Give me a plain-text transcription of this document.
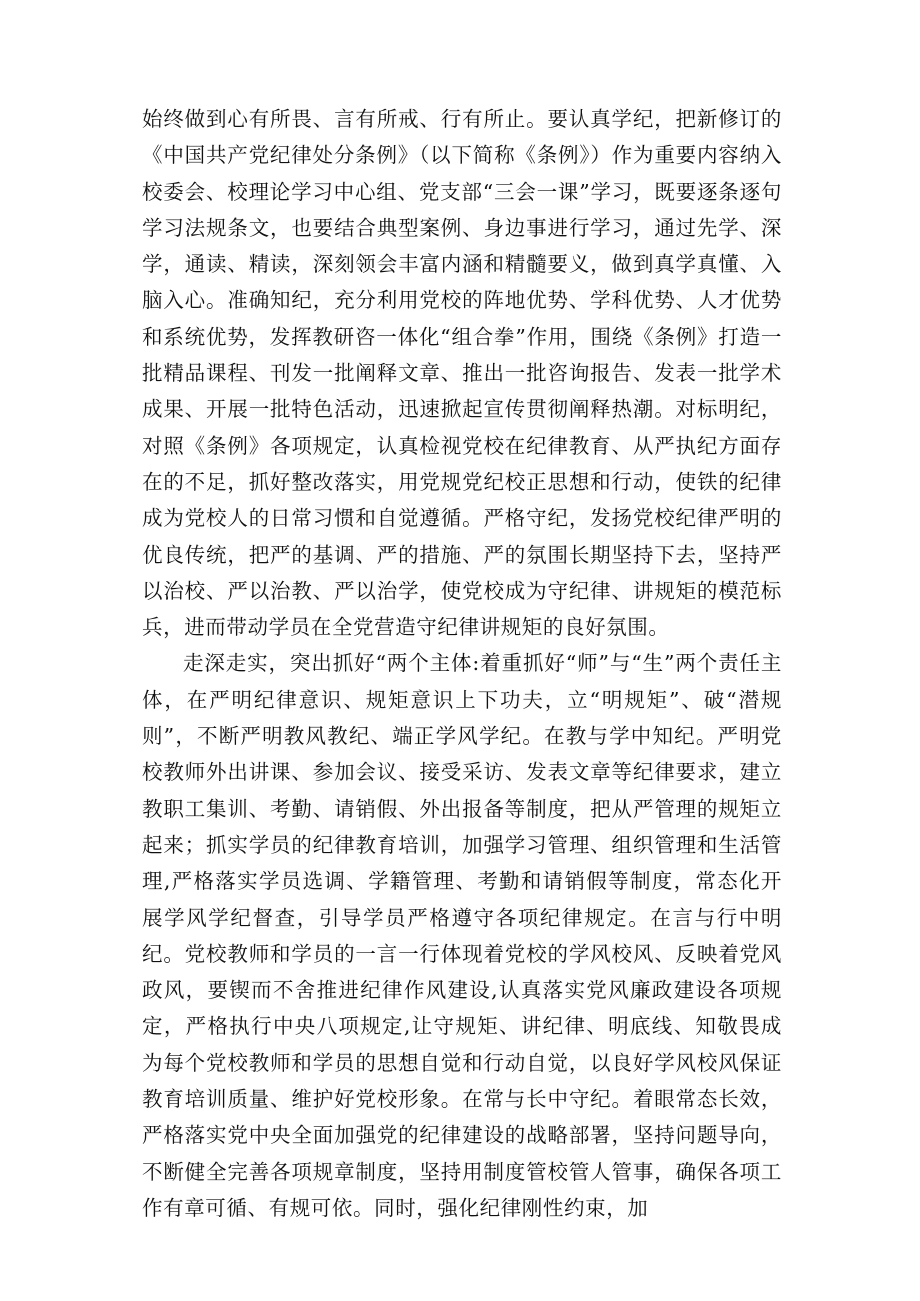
始终做到心有所畏、言有所戒、行有所止。要认真学纪，把新修订的《中国共产党纪律处分条例》（以下简称《条例》）作为重要内容纳入校委会、校理论学习中心组、党支部“三会一课”学习，既要逐条逐句学习法规条文，也要结合典型案例、身边事进行学习，通过先学、深学，通读、精读，深刻领会丰富内涵和精髓要义，做到真学真懂、入脑入心。准确知纪，充分利用党校的阵地优势、学科优势、人才优势和系统优势，发挥教研咨一体化“组合拳”作用，围绕《条例》打造一批精品课程、刊发一批阐释文章、推出一批咨询报告、发表一批学术成果、开展一批特色活动，迅速掀起宣传贯彻阐释热潮。对标明纪，对照《条例》各项规定，认真检视党校在纪律教育、从严执纪方面存在的不足，抓好整改落实，用党规党纪校正思想和行动，使铁的纪律成为党校人的日常习惯和自觉遵循。严格守纪，发扬党校纪律严明的优良传统，把严的基调、严的措施、严的氛围长期坚持下去，坚持严以治校、严以治教、严以治学，使党校成为守纪律、讲规矩的模范标兵，进而带动学员在全党营造守纪律讲规矩的良好氛围。

走深走实，突出抓好“两个主体:着重抓好“师”与“生”两个责任主体，在严明纪律意识、规矩意识上下功夫，立“明规矩”、破“潜规则”，不断严明教风教纪、端正学风学纪。在教与学中知纪。严明党校教师外出讲课、参加会议、接受采访、发表文章等纪律要求，建立教职工集训、考勤、请销假、外出报备等制度，把从严管理的规矩立起来；抓实学员的纪律教育培训，加强学习管理、组织管理和生活管理,严格落实学员选调、学籍管理、考勤和请销假等制度，常态化开展学风学纪督查，引导学员严格遵守各项纪律规定。在言与行中明纪。党校教师和学员的一言一行体现着党校的学风校风、反映着党风政风，要锲而不舍推进纪律作风建设,认真落实党风廉政建设各项规定，严格执行中央八项规定,让守规矩、讲纪律、明底线、知敬畏成为每个党校教师和学员的思想自觉和行动自觉，以良好学风校风保证教育培训质量、维护好党校形象。在常与长中守纪。着眼常态长效，严格落实党中央全面加强党的纪律建设的战略部署，坚持问题导向，不断健全完善各项规章制度，坚持用制度管校管人管事，确保各项工作有章可循、有规可依。同时，强化纪律刚性约束，加
